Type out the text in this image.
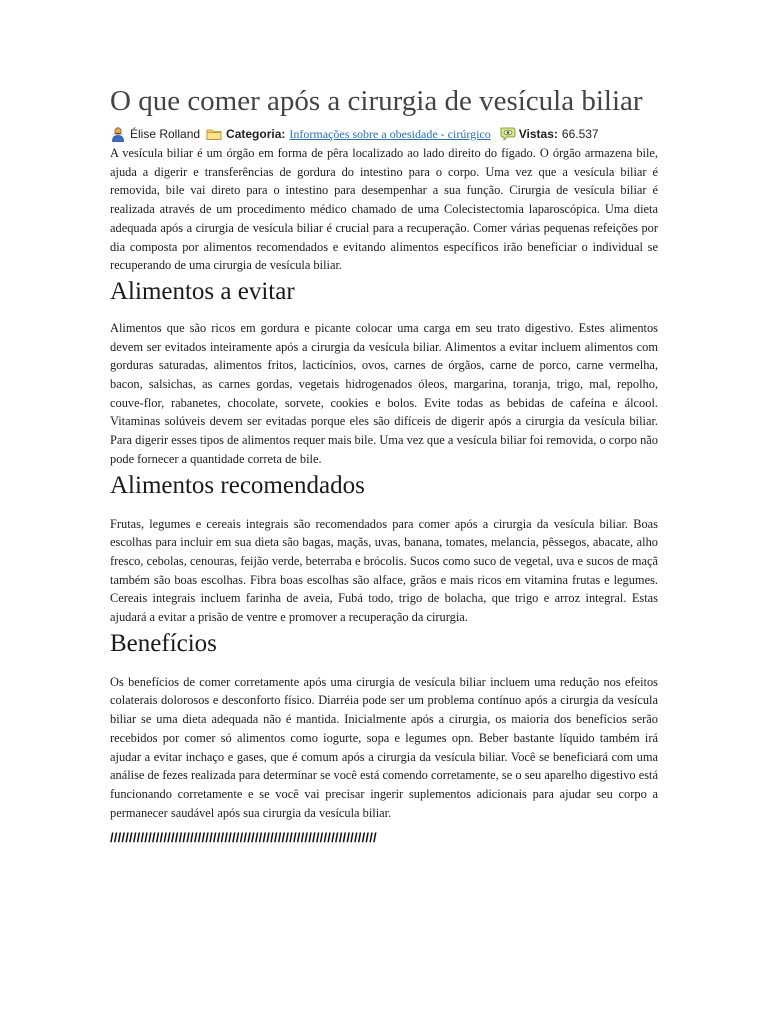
O que comer após a cirurgia de vesícula biliar
Élise Rolland Categoria: Informações sobre a obesidade - cirúrgico Vistas: 66.537

A vesícula biliar é um órgão em forma de pêra localizado ao lado direito do fígado. O órgão armazena bile, ajuda a digerir e transferências de gordura do intestino para o corpo. Uma vez que a vesícula biliar é removida, bile vai direto para o intestino para desempenhar a sua função. Cirurgia de vesícula biliar é realizada através de um procedimento médico chamado de uma Colecistectomia laparoscópica. Uma dieta adequada após a cirurgia de vesícula biliar é crucial para a recuperação. Comer várias pequenas refeições por dia composta por alimentos recomendados e evitando alimentos específicos irão beneficiar o individual se recuperando de uma cirurgia de vesícula biliar.

Alimentos a evitar

Alimentos que são ricos em gordura e picante colocar uma carga em seu trato digestivo. Estes alimentos devem ser evitados inteiramente após a cirurgia da vesícula biliar. Alimentos a evitar incluem alimentos com gorduras saturadas, alimentos fritos, lacticínios, ovos, carnes de órgãos, carne de porco, carne vermelha, bacon, salsichas, as carnes gordas, vegetais hidrogenados óleos, margarina, toranja, trigo, mal, repolho, couve-flor, rabanetes, chocolate, sorvete, cookies e bolos. Evite todas as bebidas de cafeína e álcool. Vitaminas solúveis devem ser evitadas porque eles são difíceis de digerir após a cirurgia da vesícula biliar. Para digerir esses tipos de alimentos requer mais bile. Uma vez que a vesícula biliar foi removida, o corpo não pode fornecer a quantidade correta de bile.

Alimentos recomendados

Frutas, legumes e cereais integrais são recomendados para comer após a cirurgia da vesícula biliar. Boas escolhas para incluir em sua dieta são bagas, maçãs, uvas, banana, tomates, melancia, pêssegos, abacate, alho fresco, cebolas, cenouras, feijão verde, beterraba e brócolis. Sucos como suco de vegetal, uva e sucos de maçã também são boas escolhas. Fibra boas escolhas são alface, grãos e mais ricos em vitamina frutas e legumes. Cereais integrais incluem farinha de aveia, Fubá todo, trigo de bolacha, que trigo e arroz integral. Estas ajudará a evitar a prisão de ventre e promover a recuperação da cirurgia.

Benefícios

Os benefícios de comer corretamente após uma cirurgia de vesícula biliar incluem uma redução nos efeitos colaterais dolorosos e desconforto físico. Diarréia pode ser um problema contínuo após a cirurgia da vesícula biliar se uma dieta adequada não é mantida. Inicialmente após a cirurgia, os maioria dos benefícios serão recebidos por comer só alimentos como iogurte, sopa e legumes opn. Beber bastante líquido também irá ajudar a evitar inchaço e gases, que é comum após a cirurgia da vesícula biliar. Você se beneficiará com uma análise de fezes realizada para determinar se você está comendo corretamente, se o seu aparelho digestivo está funcionando corretamente e se você vai precisar ingerir suplementos adicionais para ajudar seu corpo a permanecer saudável após sua cirurgia da vesícula biliar.

//////////////////////////////////////////////////////////////////////
